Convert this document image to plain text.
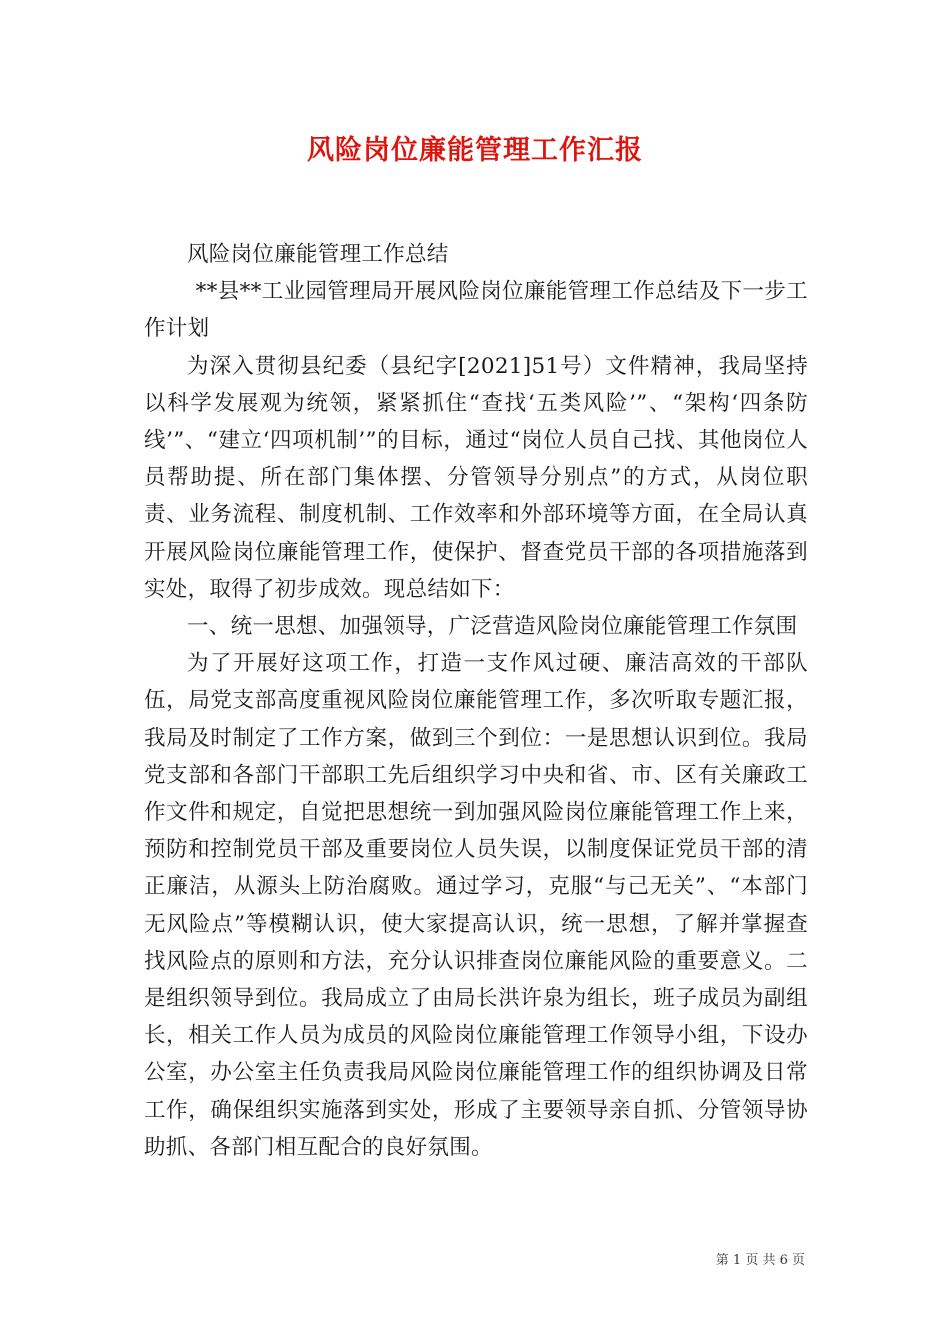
风险岗位廉能管理工作汇报

风险岗位廉能管理工作总结

**县**工业园管理局开展风险岗位廉能管理工作总结及下一步工作计划

为深入贯彻县纪委（县纪字[2021]51号）文件精神，我局坚持以科学发展观为统领，紧紧抓住“查找‘五类风险’”、“架构‘四条防线’”、“建立‘四项机制’”的目标，通过“岗位人员自己找、其他岗位人员帮助提、所在部门集体摆、分管领导分别点”的方式，从岗位职责、业务流程、制度机制、工作效率和外部环境等方面，在全局认真开展风险岗位廉能管理工作，使保护、督查党员干部的各项措施落到实处，取得了初步成效。现总结如下：

一、统一思想、加强领导，广泛营造风险岗位廉能管理工作氛围

为了开展好这项工作，打造一支作风过硬、廉洁高效的干部队伍，局党支部高度重视风险岗位廉能管理工作，多次听取专题汇报，我局及时制定了工作方案，做到三个到位：一是思想认识到位。我局党支部和各部门干部职工先后组织学习中央和省、市、区有关廉政工作文件和规定，自觉把思想统一到加强风险岗位廉能管理工作上来，预防和控制党员干部及重要岗位人员失误，以制度保证党员干部的清正廉洁，从源头上防治腐败。通过学习，克服“与己无关”、“本部门无风险点”等模糊认识，使大家提高认识，统一思想，了解并掌握查找风险点的原则和方法，充分认识排查岗位廉能风险的重要意义。二是组织领导到位。我局成立了由局长洪许泉为组长，班子成员为副组长，相关工作人员为成员的风险岗位廉能管理工作领导小组，下设办公室，办公室主任负责我局风险岗位廉能管理工作的组织协调及日常工作，确保组织实施落到实处，形成了主要领导亲自抓、分管领导协助抓、各部门相互配合的良好氛围。

第 1 页 共 6 页
